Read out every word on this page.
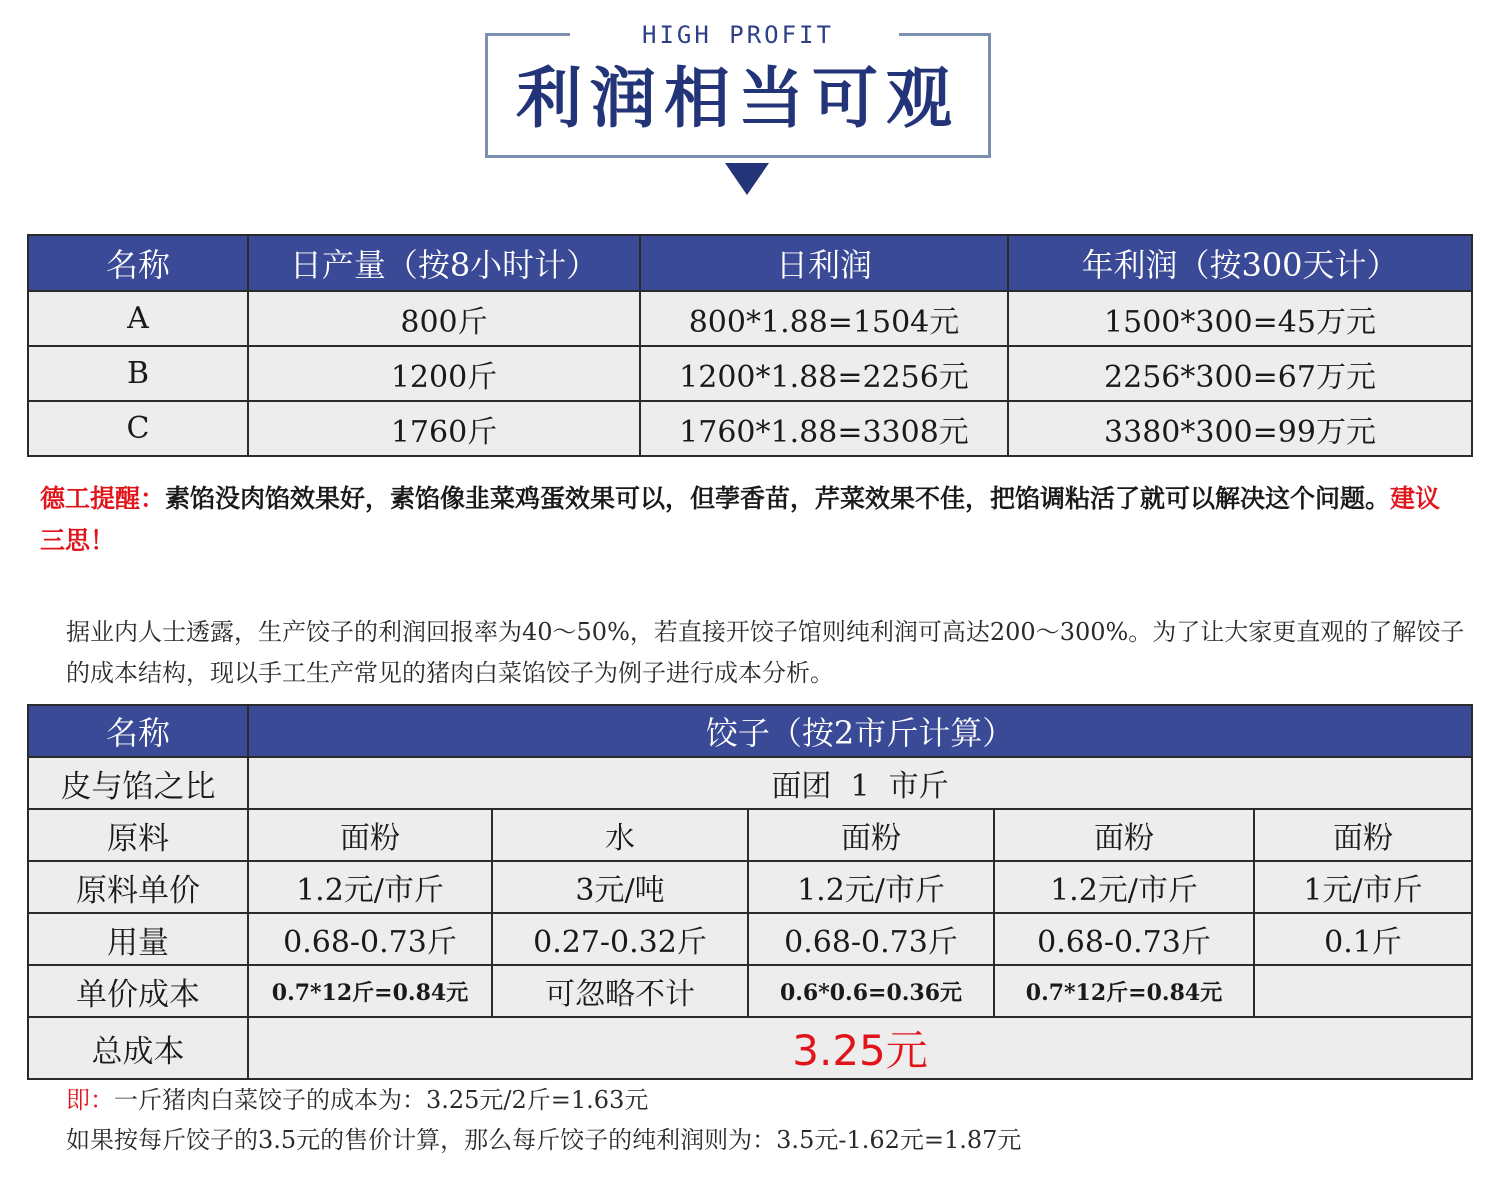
HIGH PROFIT
利润相当可观
名称	日产量（按8小时计）	日利润	年利润（按300天计）
A	800斤	800*1.88=1504元	1500*300=45万元
B	1200斤	1200*1.88=2256元	2256*300=67万元
C	1760斤	1760*1.88=3308元	3380*300=99万元
德工提醒：素馅没肉馅效果好，素馅像韭菜鸡蛋效果可以，但荸香苗，芹菜效果不佳，把馅调粘活了就可以解决这个问题。建议三思！

据业内人士透露，生产饺子的利润回报率为40～50%，若直接开饺子馆则纯利润可高达200～300%。为了让大家更直观的了解饺子的成本结构，现以手工生产常见的猪肉白菜馅饺子为例子进行成本分析。

名称	饺子（按2市斤计算）				
皮与馅之比	面团  1  市斤				
原料	面粉	水	面粉	面粉	面粉
原料单价	1.2元/市斤	3元/吨	1.2元/市斤	1.2元/市斤	1元/市斤
用量	0.68-0.73斤	0.27-0.32斤	0.68-0.73斤	0.68-0.73斤	0.1斤
单价成本	0.7*12斤=0.84元	可忽略不计	0.6*0.6=0.36元	0.7*12斤=0.84元	
总成本	3.25元				

即：一斤猪肉白菜饺子的成本为：3.25元/2斤=1.63元

如果按每斤饺子的3.5元的售价计算，那么每斤饺子的纯利润则为：3.5元-1.62元=1.87元
